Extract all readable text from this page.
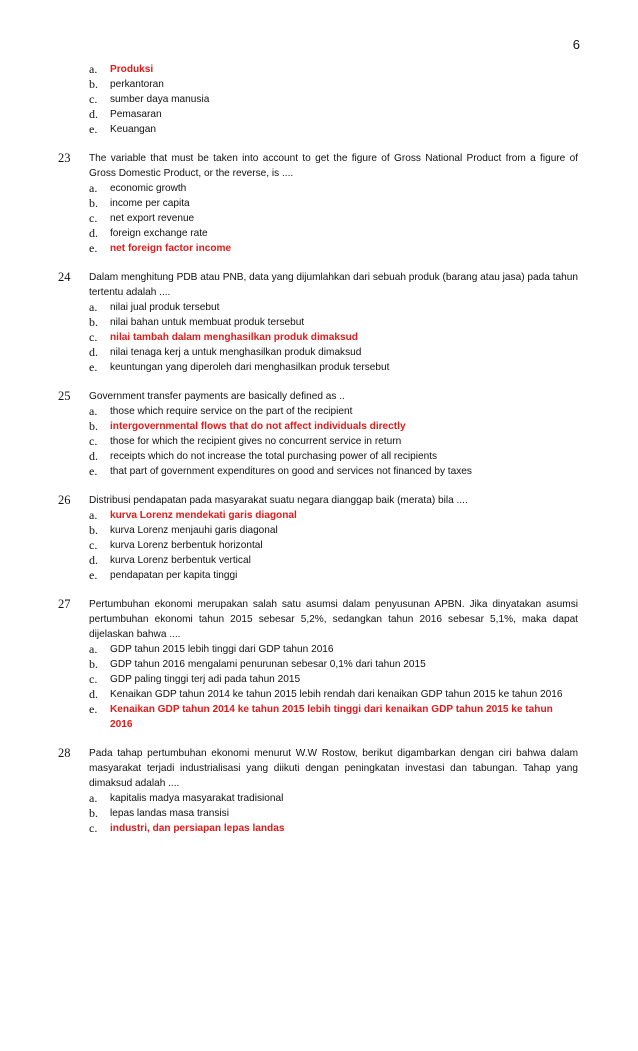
6
a.	Produksi
b.	perkantoran
c.	sumber daya manusia
d.	Pemasaran
e.	Keuangan
23	The variable that must be taken into account to get the figure of Gross National Product from a figure of Gross Domestic Product, or the reverse, is ....
a.	economic growth
b.	income per capita
c.	net export revenue
d.	foreign exchange rate
e.	net foreign factor income
24	Dalam menghitung PDB atau PNB, data yang dijumlahkan dari sebuah produk (barang atau jasa) pada tahun tertentu adalah ....
a.	nilai jual produk tersebut
b.	nilai bahan untuk membuat produk tersebut
c.	nilai tambah dalam menghasilkan produk dimaksud
d.	nilai tenaga kerj a untuk menghasilkan produk dimaksud
e.	keuntungan yang diperoleh dari menghasilkan produk tersebut
25	Government transfer payments are basically defined as ..
a.	those which require service on the part of the recipient
b.	intergovernmental flows that do not affect individuals directly
c.	those for which the recipient gives no concurrent service in return
d.	receipts which do not increase the total purchasing power of all recipients
e.	that part of government expenditures on good and services not financed by taxes
26	Distribusi pendapatan pada masyarakat suatu negara dianggap baik (merata) bila ....
a.	kurva Lorenz mendekati garis diagonal
b.	kurva Lorenz menjauhi garis diagonal
c.	kurva Lorenz berbentuk horizontal
d.	kurva Lorenz berbentuk vertical
e.	pendapatan per kapita tinggi
27	Pertumbuhan ekonomi merupakan salah satu asumsi dalam penyusunan APBN. Jika dinyatakan asumsi pertumbuhan ekonomi tahun 2015 sebesar 5,2%, sedangkan tahun 2016 sebesar 5,1%, maka dapat dijelaskan bahwa ....
a.	GDP tahun 2015 lebih tinggi dari GDP tahun 2016
b.	GDP tahun 2016 mengalami penurunan sebesar 0,1% dari tahun 2015
c.	GDP paling tinggi terj adi pada tahun 2015
d.	Kenaikan GDP tahun 2014 ke tahun 2015 lebih rendah dari kenaikan GDP tahun 2015 ke tahun 2016
e.	Kenaikan GDP tahun 2014 ke tahun 2015 lebih tinggi dari kenaikan GDP tahun 2015 ke tahun 2016
28	Pada tahap pertumbuhan ekonomi menurut W.W Rostow, berikut digambarkan dengan ciri bahwa dalam masyarakat terjadi industrialisasi yang diikuti dengan peningkatan investasi dan tabungan. Tahap yang dimaksud adalah ....
a.	kapitalis madya masyarakat tradisional
b.	lepas landas masa transisi
c.	industri, dan persiapan lepas landas
